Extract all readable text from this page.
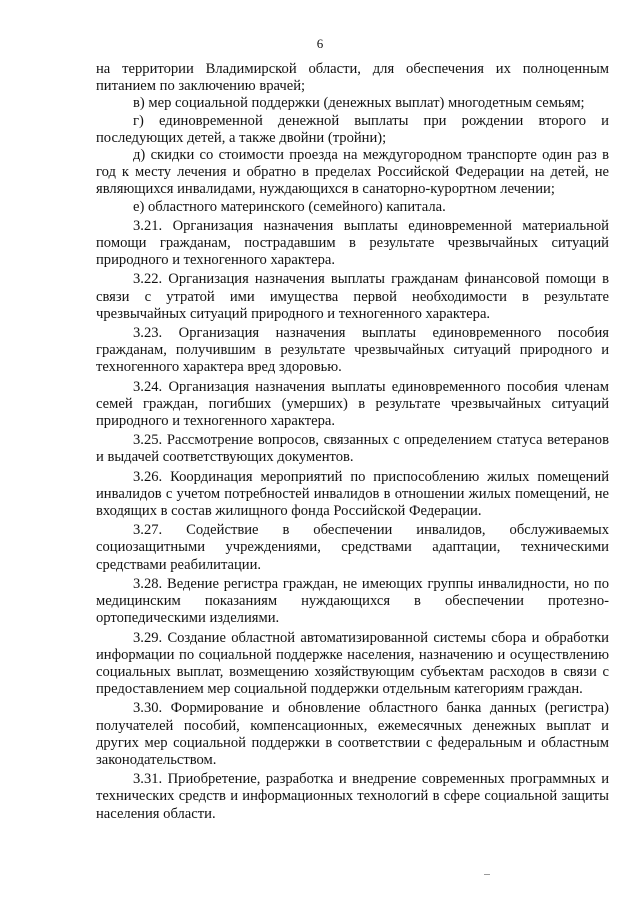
6

на территории Владимирской области, для обеспечения их полноценным питанием по заключению врачей;

в) мер социальной поддержки (денежных выплат) многодетным семьям;

г) единовременной денежной выплаты при рождении второго и последующих детей, а также двойни (тройни);

д) скидки со стоимости проезда на междугородном транспорте один раз в год к месту лечения и обратно в пределах Российской Федерации на детей, не являющихся инвалидами, нуждающихся в санаторно-курортном лечении;

е) областного материнского (семейного) капитала.

3.21. Организация назначения выплаты единовременной материальной помощи гражданам, пострадавшим в результате чрезвычайных ситуаций природного и техногенного характера.

3.22. Организация назначения выплаты гражданам финансовой помощи в связи с утратой ими имущества первой необходимости в результате чрезвычайных ситуаций природного и техногенного характера.

3.23. Организация назначения выплаты единовременного пособия гражданам, получившим в результате чрезвычайных ситуаций природного и техногенного характера вред здоровью.

3.24. Организация назначения выплаты единовременного пособия членам семей граждан, погибших (умерших) в результате чрезвычайных ситуаций природного и техногенного характера.

3.25. Рассмотрение вопросов, связанных с определением статуса ветеранов и выдачей соответствующих документов.

3.26. Координация мероприятий по приспособлению жилых помещений инвалидов с учетом потребностей инвалидов в отношении жилых помещений, не входящих в состав жилищного фонда Российской Федерации.

3.27. Содействие в обеспечении инвалидов, обслуживаемых социозащитными учреждениями, средствами адаптации, техническими средствами реабилитации.

3.28. Ведение регистра граждан, не имеющих группы инвалидности, но по медицинским показаниям нуждающихся в обеспечении протезно-ортопедическими изделиями.

3.29. Создание областной автоматизированной системы сбора и обработки информации по социальной поддержке населения, назначению и осуществлению социальных выплат, возмещению хозяйствующим субъектам расходов в связи с предоставлением мер социальной поддержки отдельным категориям граждан.

3.30. Формирование и обновление областного банка данных (регистра) получателей пособий, компенсационных, ежемесячных денежных выплат и других мер социальной поддержки в соответствии с федеральным и областным законодательством.

3.31. Приобретение, разработка и внедрение современных программных и технических средств и информационных технологий в сфере социальной защиты населения области.
